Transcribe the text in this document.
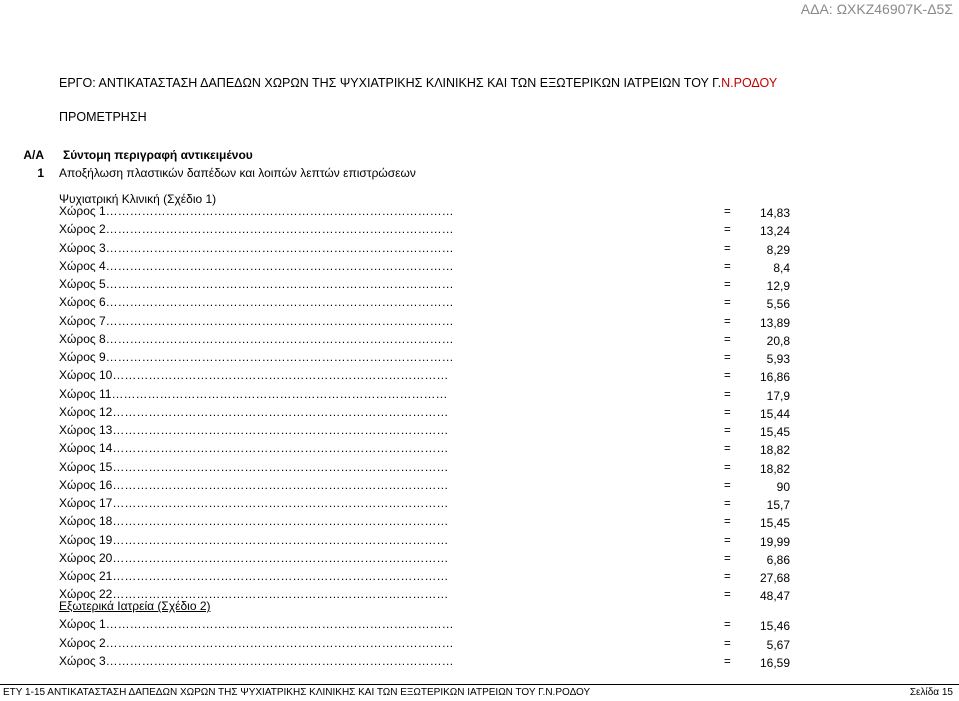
ΑΔΑ: ΩΧΚΖ46907Κ-Δ5Σ
ΕΡΓΟ: ΑΝΤΙΚΑΤΑΣΤΑΣΗ ΔΑΠΕΔΩΝ ΧΩΡΩΝ ΤΗΣ ΨΥΧΙΑΤΡΙΚΗΣ ΚΛΙΝΙΚΗΣ ΚΑΙ ΤΩΝ ΕΞΩΤΕΡΙΚΩΝ ΙΑΤΡΕΙΩΝ ΤΟΥ Γ.Ν.ΡΟΔΟΥ
ΠΡΟΜΕΤΡΗΣΗ
Α/Α Σύντομη περιγραφή αντικειμένου
1 Αποξήλωση πλαστικών δαπέδων και λοιπών λεπτών επιστρώσεων
Ψυχιατρική Κλινική (Σχέδιο 1)
Χώρος 1……………………………………………………………………………	=	14,83
Χώρος 2……………………………………………………………………………	=	13,24
Χώρος 3……………………………………………………………………………	=	8,29
Χώρος 4……………………………………………………………………………	=	8,4
Χώρος 5……………………………………………………………………………	=	12,9
Χώρος 6……………………………………………………………………………	=	5,56
Χώρος 7……………………………………………………………………………	=	13,89
Χώρος 8……………………………………………………………………………	=	20,8
Χώρος 9……………………………………………………………………………	=	5,93
Χώρος 10…………………………………………………………………………	=	16,86
Χώρος 11…………………………………………………………………………	=	17,9
Χώρος 12…………………………………………………………………………	=	15,44
Χώρος 13…………………………………………………………………………	=	15,45
Χώρος 14…………………………………………………………………………	=	18,82
Χώρος 15…………………………………………………………………………	=	18,82
Χώρος 16…………………………………………………………………………	=	90
Χώρος 17…………………………………………………………………………	=	15,7
Χώρος 18…………………………………………………………………………	=	15,45
Χώρος 19…………………………………………………………………………	=	19,99
Χώρος 20…………………………………………………………………………	=	6,86
Χώρος 21…………………………………………………………………………	=	27,68
Χώρος 22…………………………………………………………………………	=	48,47
Εξωτερικά Ιατρεία (Σχέδιο 2)
Χώρος 1……………………………………………………………………………	=	15,46
Χώρος 2……………………………………………………………………………	=	5,67
Χώρος 3……………………………………………………………………………	=	16,59
ΕΤΥ 1-15 ΑΝΤΙΚΑΤΑΣΤΑΣΗ ΔΑΠΕΔΩΝ ΧΩΡΩΝ ΤΗΣ ΨΥΧΙΑΤΡΙΚΗΣ ΚΛΙΝΙΚΗΣ ΚΑΙ ΤΩΝ ΕΞΩΤΕΡΙΚΩΝ ΙΑΤΡΕΙΩΝ ΤΟΥ Γ.Ν.ΡΟΔΟΥ	Σελίδα 15
